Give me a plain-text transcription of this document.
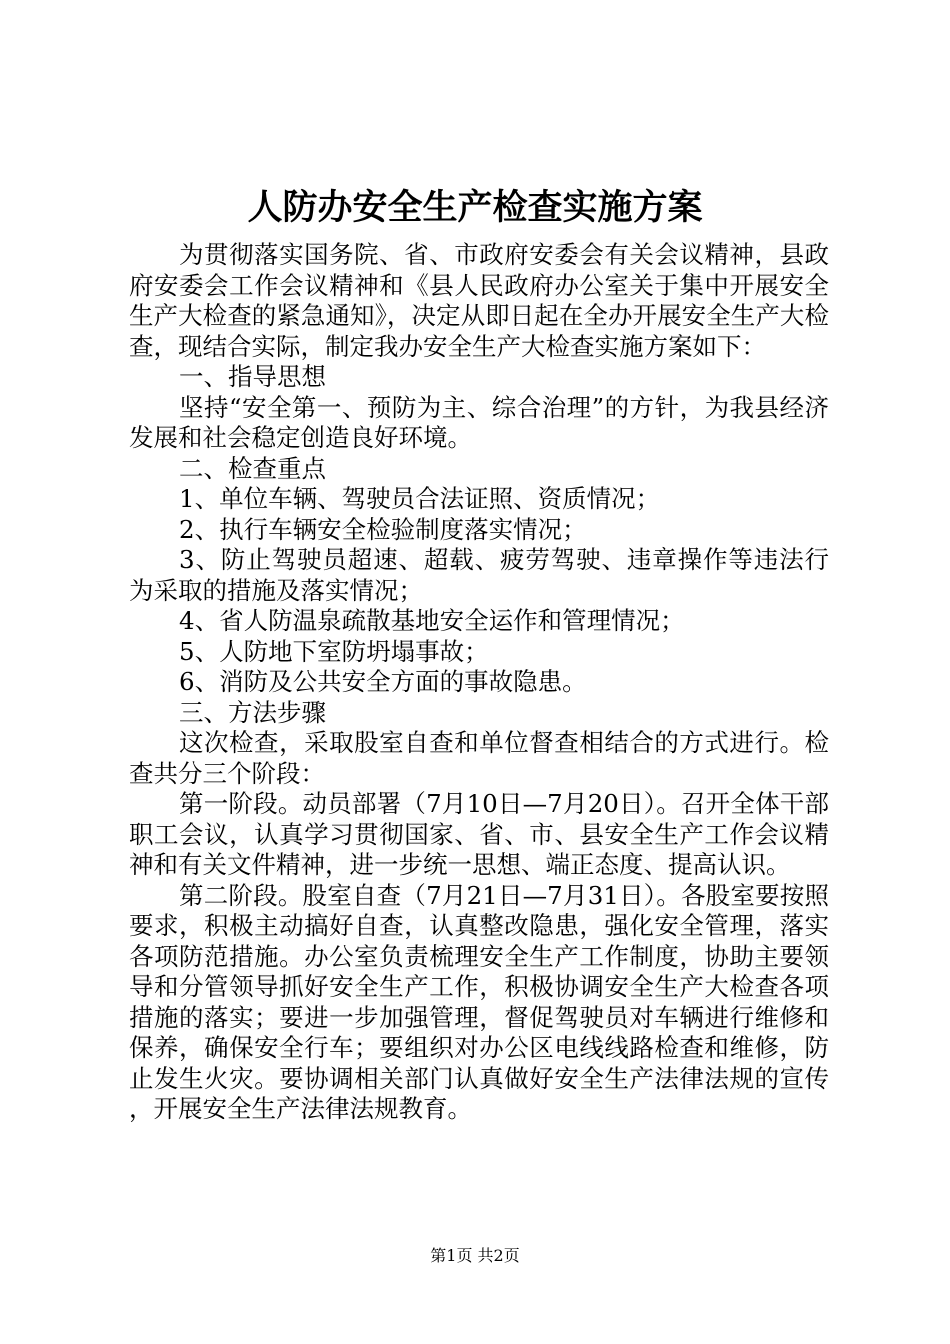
人防办安全生产检查实施方案

为贯彻落实国务院、省、市政府安委会有关会议精神，县政府安委会工作会议精神和《县人民政府办公室关于集中开展安全生产大检查的紧急通知》，决定从即日起在全办开展安全生产大检查，现结合实际，制定我办安全生产大检查实施方案如下：

一、指导思想

坚持“安全第一、预防为主、综合治理”的方针，为我县经济发展和社会稳定创造良好环境。

二、检查重点

1、单位车辆、驾驶员合法证照、资质情况；

2、执行车辆安全检验制度落实情况；

3、防止驾驶员超速、超载、疲劳驾驶、违章操作等违法行为采取的措施及落实情况；

4、省人防温泉疏散基地安全运作和管理情况；

5、人防地下室防坍塌事故；

6、消防及公共安全方面的事故隐患。

三、方法步骤

这次检查，采取股室自查和单位督查相结合的方式进行。检查共分三个阶段：

第一阶段。动员部署（7月10日—7月20日）。召开全体干部职工会议，认真学习贯彻国家、省、市、县安全生产工作会议精神和有关文件精神，进一步统一思想、端正态度、提高认识。

第二阶段。股室自查（7月21日—7月31日）。各股室要按照要求，积极主动搞好自查，认真整改隐患，强化安全管理，落实各项防范措施。办公室负责梳理安全生产工作制度，协助主要领导和分管领导抓好安全生产工作，积极协调安全生产大检查各项措施的落实；要进一步加强管理，督促驾驶员对车辆进行维修和保养，确保安全行车；要组织对办公区电线线路检查和维修，防止发生火灾。要协调相关部门认真做好安全生产法律法规的宣传，开展安全生产法律法规教育。

第1页 共2页
